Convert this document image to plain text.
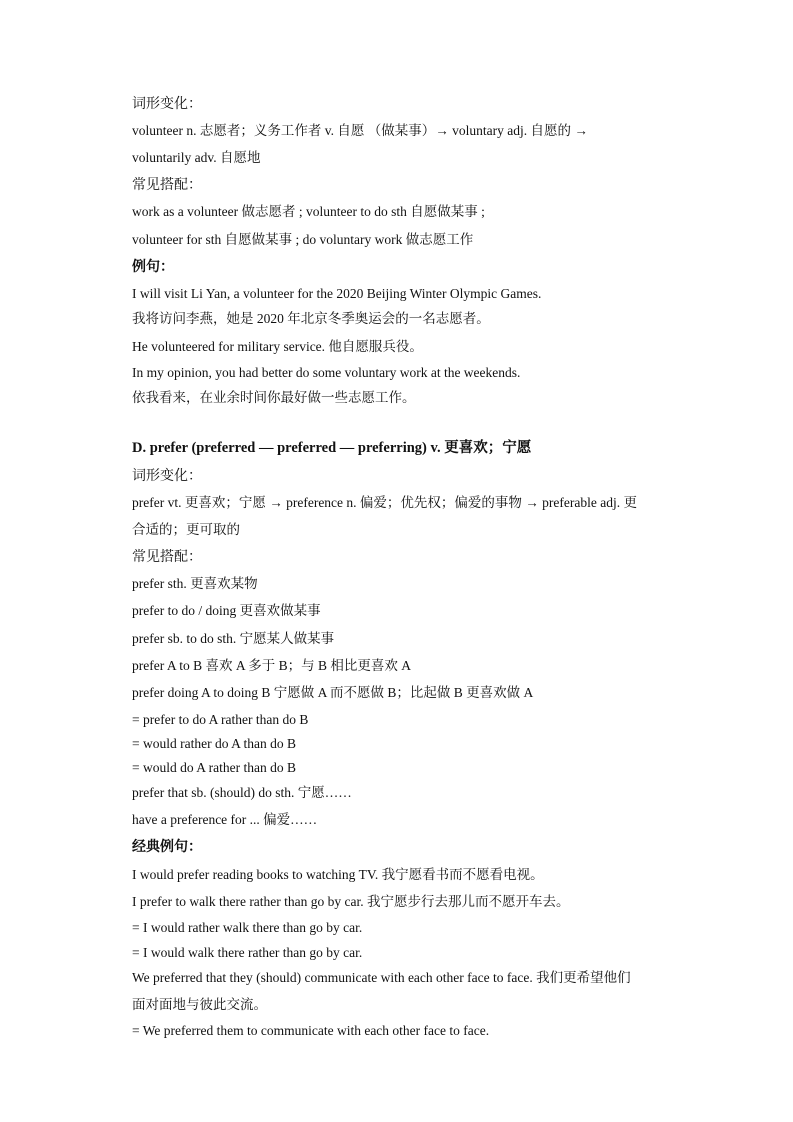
词形变化：
volunteer n. 志愿者；义务工作者 v. 自愿 （做某事）→ voluntary adj. 自愿的 →
voluntarily adv. 自愿地
常见搭配：
work as a volunteer 做志愿者 ; volunteer to do sth 自愿做某事 ;
volunteer for sth 自愿做某事 ; do voluntary work 做志愿工作
例句：
I will visit Li Yan, a volunteer for the 2020 Beijing Winter Olympic Games.
我将访问李燕，她是 2020 年北京冬季奥运会的一名志愿者。
He volunteered for military service. 他自愿服兵役。
In my opinion, you had better do some voluntary work at the weekends.
依我看来，在业余时间你最好做一些志愿工作。
D. prefer (preferred — preferred — preferring) v. 更喜欢；宁愿
词形变化：
prefer vt. 更喜欢；宁愿 → preference n. 偏爱；优先权；偏爱的事物 → preferable adj. 更
合适的；更可取的
常见搭配：
prefer sth. 更喜欢某物
prefer to do / doing 更喜欢做某事
prefer sb. to do sth. 宁愿某人做某事
prefer A to B 喜欢 A 多于 B；与 B 相比更喜欢 A
prefer doing A to doing B 宁愿做 A 而不愿做 B；比起做 B 更喜欢做 A
= prefer to do A rather than do B
= would rather do A than do B
= would do A rather than do B
prefer that sb. (should) do sth. 宁愿……
have a preference for ... 偏爱……
经典例句：
I would prefer reading books to watching TV. 我宁愿看书而不愿看电视。
I prefer to walk there rather than go by car. 我宁愿步行去那儿而不愿开车去。
= I would rather walk there than go by car.
= I would walk there rather than go by car.
We preferred that they (should) communicate with each other face to face. 我们更希望他们
面对面地与彼此交流。
= We preferred them to communicate with each other face to face.
